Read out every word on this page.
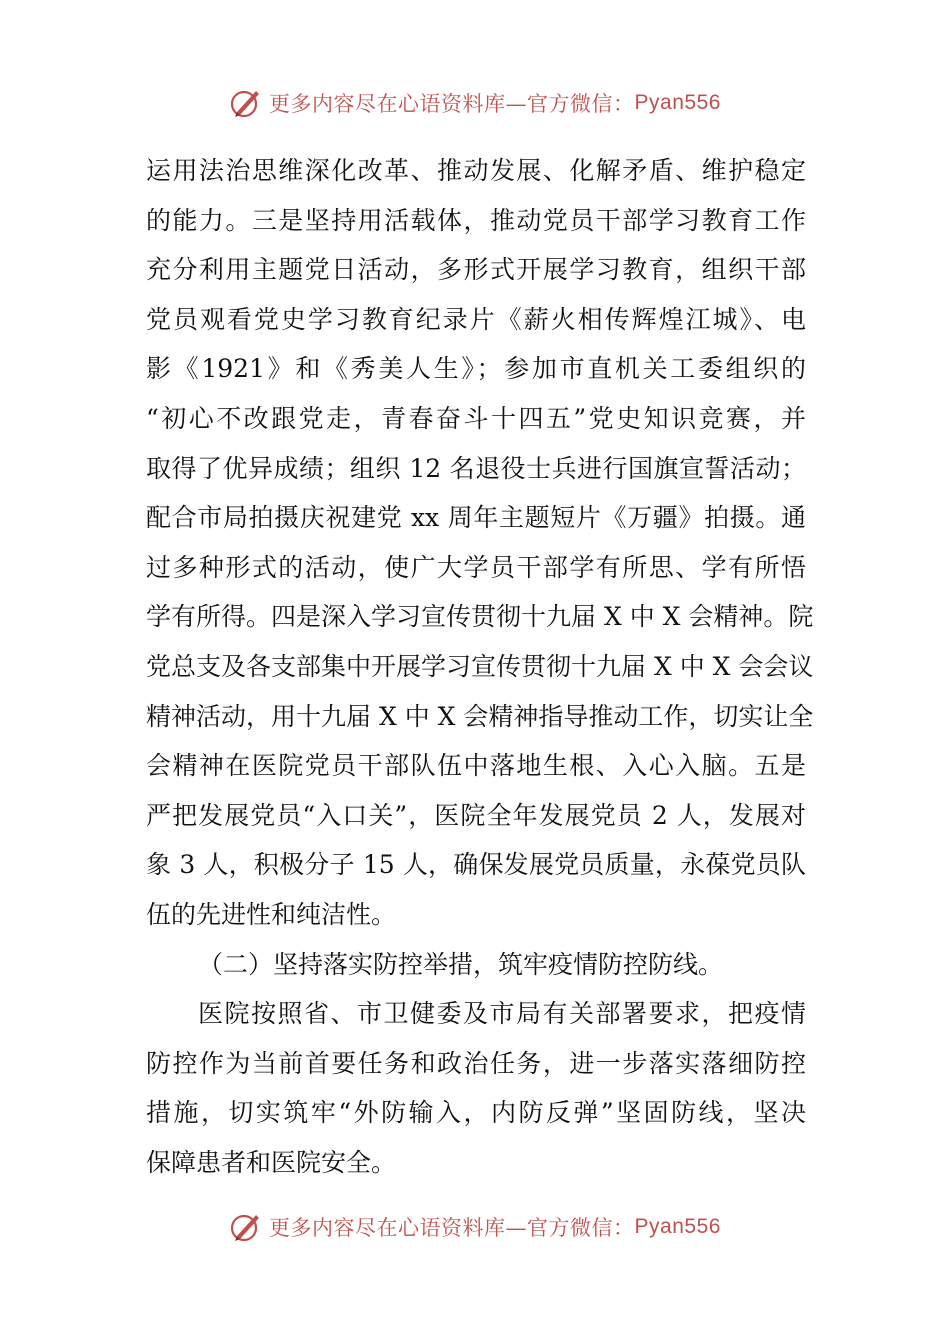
更多内容尽在心语资料库—官方微信： Pyan556
运用法治思维深化改革、推动发展、化解矛盾、维护稳定
的能力。三是坚持用活载体，推动党员干部学习教育工作
充分利用主题党日活动，多形式开展学习教育，组织干部
党员观看党史学习教育纪录片《薪火相传辉煌江城》、电
影《1921》和《秀美人生》；参加市直机关工委组织的
“初心不改跟党走，青春奋斗十四五”党史知识竞赛，并
取得了优异成绩；组织 12 名退役士兵进行国旗宣誓活动；
配合市局拍摄庆祝建党 xx 周年主题短片《万疆》拍摄。通
过多种形式的活动，使广大学员干部学有所思、学有所悟
学有所得。四是深入学习宣传贯彻十九届 X 中 X 会精神。院
党总支及各支部集中开展学习宣传贯彻十九届 X 中 X 会会议
精神活动，用十九届 X 中 X 会精神指导推动工作，切实让全
会精神在医院党员干部队伍中落地生根、入心入脑。五是
严把发展党员“入口关”，医院全年发展党员 2 人，发展对
象 3 人，积极分子 15 人，确保发展党员质量，永葆党员队
伍的先进性和纯洁性。
（二）坚持落实防控举措，筑牢疫情防控防线。
医院按照省、市卫健委及市局有关部署要求，把疫情
防控作为当前首要任务和政治任务，进一步落实落细防控
措施，切实筑牢“外防输入，内防反弹”坚固防线，坚决
保障患者和医院安全。
更多内容尽在心语资料库—官方微信： Pyan556
